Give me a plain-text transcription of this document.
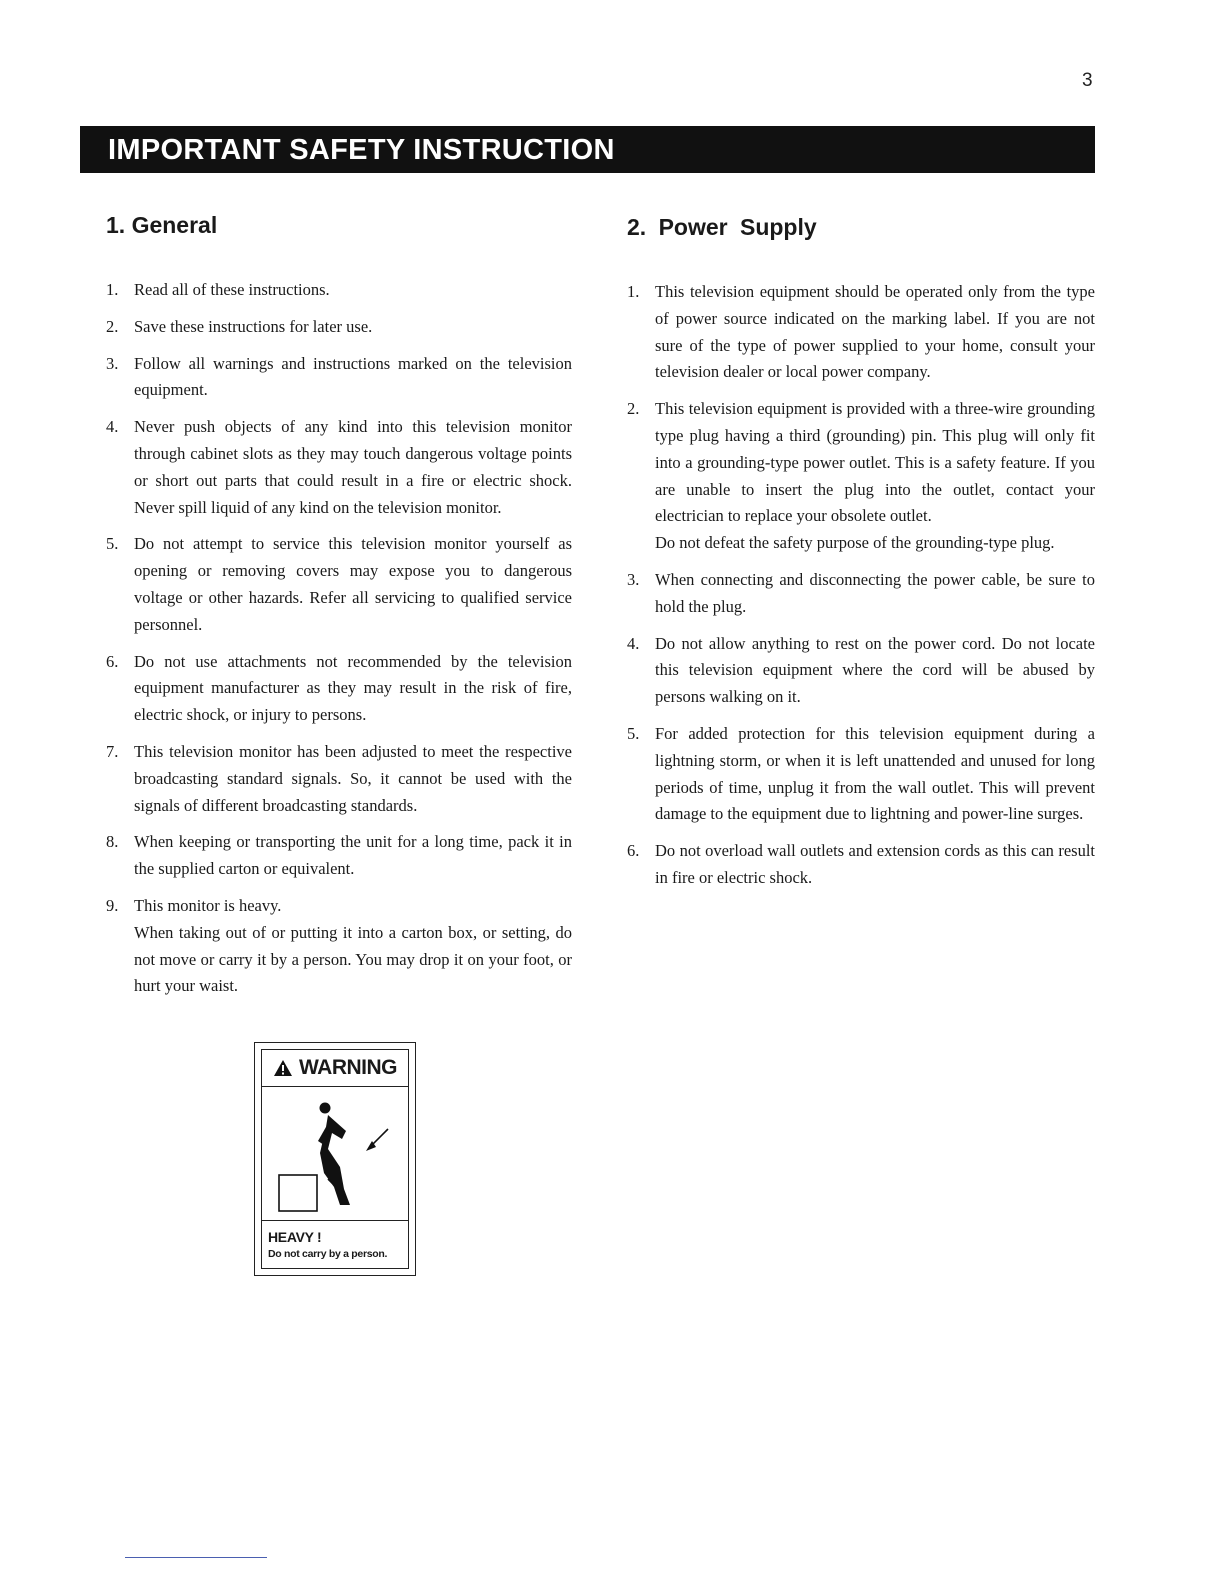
3
IMPORTANT SAFETY INSTRUCTION
1. General	2. Power Supply
1. Read all of these instructions.
2. Save these instructions for later use.
3. Follow all warnings and instructions marked on the television equipment.
4. Never push objects of any kind into this television monitor through cabinet slots as they may touch dangerous voltage points or short out parts that could result in a fire or electric shock. Never spill liquid of any kind on the television monitor.
5. Do not attempt to service this television monitor yourself as opening or removing covers may expose you to dangerous voltage or other hazards. Refer all servicing to qualified service personnel.
6. Do not use attachments not recommended by the television equipment manufacturer as they may result in the risk of fire, electric shock, or injury to persons.
7. This television monitor has been adjusted to meet the respective broadcasting standard signals. So, it cannot be used with the signals of different broadcasting standards.
8. When keeping or transporting the unit for a long time, pack it in the supplied carton or equivalent.
9. This monitor is heavy.
When taking out of or putting it into a carton box, or setting, do not move or carry it by a person. You may drop it on your foot, or hurt your waist.
1. This television equipment should be operated only from the type of power source indicated on the marking label. If you are not sure of the type of power supplied to your home, consult your television dealer or local power company.
2. This television equipment is provided with a three-wire grounding type plug having a third (grounding) pin. This plug will only fit into a grounding-type power outlet. This is a safety feature. If you are unable to insert the plug into the outlet, contact your electrician to replace your obsolete outlet.
Do not defeat the safety purpose of the grounding-type plug.
3. When connecting and disconnecting the power cable, be sure to hold the plug.
4. Do not allow anything to rest on the power cord. Do not locate this television equipment where the cord will be abused by persons walking on it.
5. For added protection for this television equipment during a lightning storm, or when it is left unattended and unused for long periods of time, unplug it from the wall outlet. This will prevent damage to the equipment due to lightning and power-line surges.
6. Do not overload wall outlets and extension cords as this can result in fire or electric shock.
WARNING
HEAVY !
Do not carry by a person.
